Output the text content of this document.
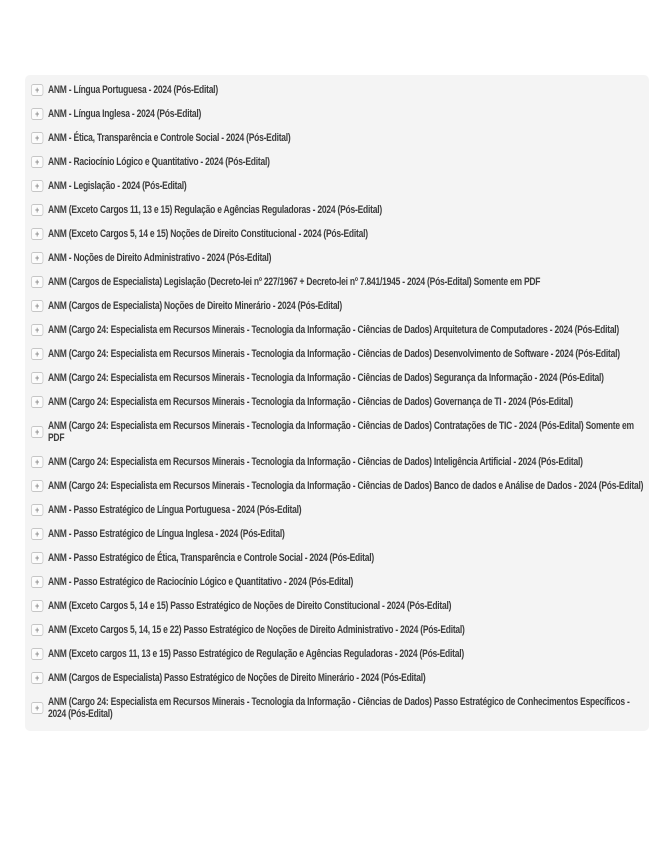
+ ANM - Língua Portuguesa - 2024 (Pós-Edital)
+ ANM - Língua Inglesa - 2024 (Pós-Edital)
+ ANM - Ética, Transparência e Controle Social - 2024 (Pós-Edital)
+ ANM - Raciocínio Lógico e Quantitativo - 2024 (Pós-Edital)
+ ANM - Legislação - 2024 (Pós-Edital)
+ ANM (Exceto Cargos 11, 13 e 15) Regulação e Agências Reguladoras - 2024 (Pós-Edital)
+ ANM (Exceto Cargos 5, 14 e 15) Noções de Direito Constitucional - 2024 (Pós-Edital)
+ ANM - Noções de Direito Administrativo - 2024 (Pós-Edital)
+ ANM (Cargos de Especialista) Legislação (Decreto-lei nº 227/1967 + Decreto-lei nº 7.841/1945 - 2024 (Pós-Edital) Somente em PDF
+ ANM (Cargos de Especialista) Noções de Direito Minerário - 2024 (Pós-Edital)
+ ANM (Cargo 24: Especialista em Recursos Minerais - Tecnologia da Informação - Ciências de Dados) Arquitetura de Computadores - 2024 (Pós-Edital)
+ ANM (Cargo 24: Especialista em Recursos Minerais - Tecnologia da Informação - Ciências de Dados) Desenvolvimento de Software - 2024 (Pós-Edital)
+ ANM (Cargo 24: Especialista em Recursos Minerais - Tecnologia da Informação - Ciências de Dados) Segurança da Informação - 2024 (Pós-Edital)
+ ANM (Cargo 24: Especialista em Recursos Minerais - Tecnologia da Informação - Ciências de Dados) Governança de TI - 2024 (Pós-Edital)
+ ANM (Cargo 24: Especialista em Recursos Minerais - Tecnologia da Informação - Ciências de Dados) Contratações de TIC - 2024 (Pós-Edital) Somente em PDF
+ ANM (Cargo 24: Especialista em Recursos Minerais - Tecnologia da Informação - Ciências de Dados) Inteligência Artificial - 2024 (Pós-Edital)
+ ANM (Cargo 24: Especialista em Recursos Minerais - Tecnologia da Informação - Ciências de Dados) Banco de dados e Análise de Dados - 2024 (Pós-Edital)
+ ANM - Passo Estratégico de Língua Portuguesa - 2024 (Pós-Edital)
+ ANM - Passo Estratégico de Língua Inglesa - 2024 (Pós-Edital)
+ ANM - Passo Estratégico de Ética, Transparência e Controle Social - 2024 (Pós-Edital)
+ ANM - Passo Estratégico de Raciocínio Lógico e Quantitativo - 2024 (Pós-Edital)
+ ANM (Exceto Cargos 5, 14 e 15) Passo Estratégico de Noções de Direito Constitucional - 2024 (Pós-Edital)
+ ANM (Exceto Cargos 5, 14, 15 e 22) Passo Estratégico de Noções de Direito Administrativo - 2024 (Pós-Edital)
+ ANM (Exceto cargos 11, 13 e 15) Passo Estratégico de Regulação e Agências Reguladoras - 2024 (Pós-Edital)
+ ANM (Cargos de Especialista) Passo Estratégico de Noções de Direito Minerário - 2024 (Pós-Edital)
+ ANM (Cargo 24: Especialista em Recursos Minerais - Tecnologia da Informação - Ciências de Dados) Passo Estratégico de Conhecimentos Específicos - 2024 (Pós-Edital)
